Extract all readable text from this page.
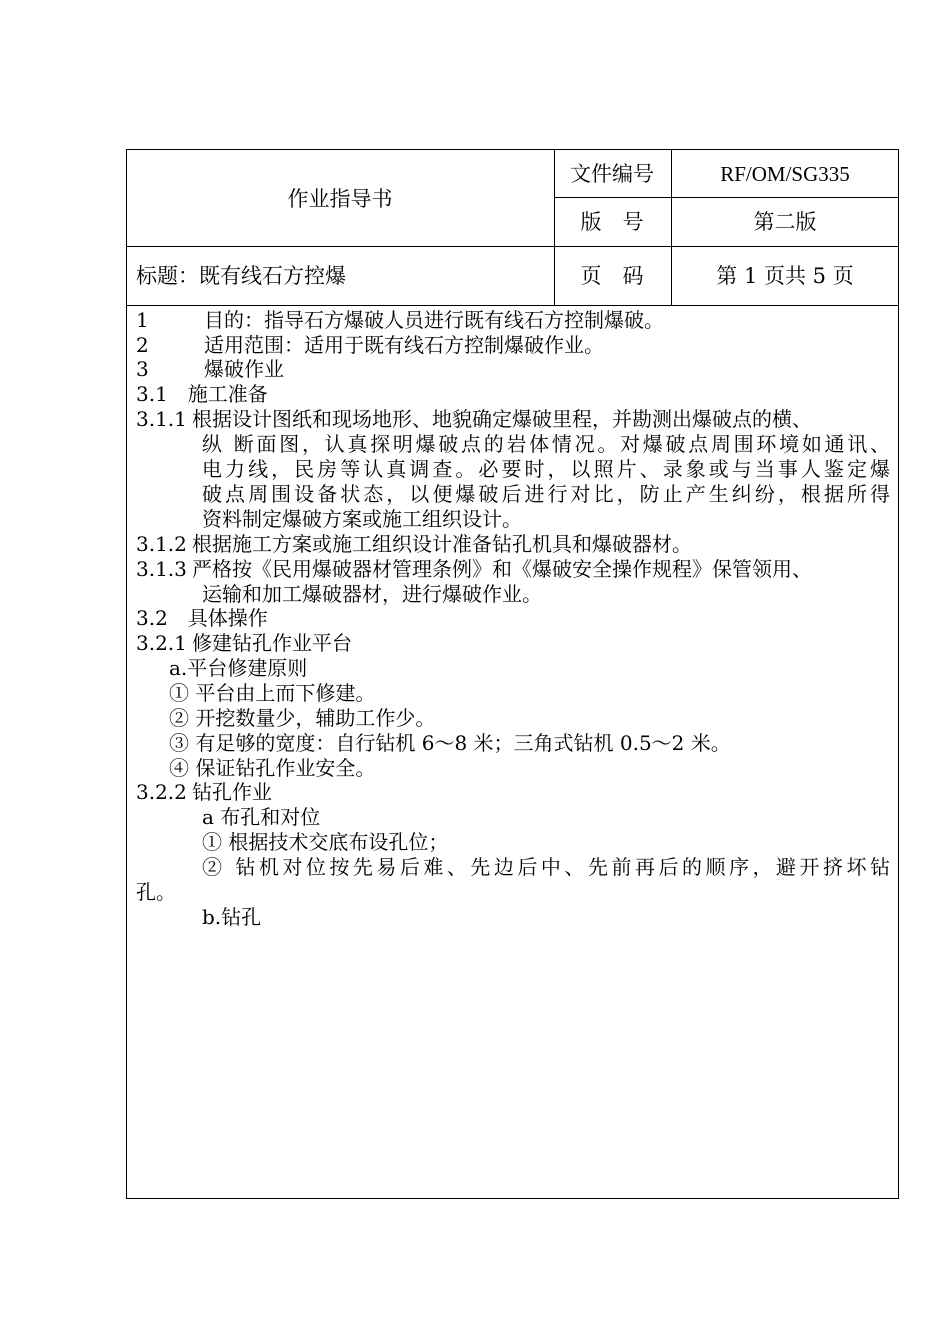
作业指导书
文件编号	RF/OM/SG335
版　号	第二版
标题：既有线石方控爆	页　码	第 1 页共 5 页
1	目的：指导石方爆破人员进行既有线石方控制爆破。
2	适用范围：适用于既有线石方控制爆破作业。
3	爆破作业
3.1　施工准备
3.1.1 根据设计图纸和现场地形、地貌确定爆破里程，并勘测出爆破点的横、
纵 断面图，认真探明爆破点的岩体情况。对爆破点周围环境如通讯、
电力线，民房等认真调查。必要时，以照片、录象或与当事人鉴定爆
破点周围设备状态，以便爆破后进行对比，防止产生纠纷，根据所得
资料制定爆破方案或施工组织设计。
3.1.2 根据施工方案或施工组织设计准备钻孔机具和爆破器材。
3.1.3 严格按《民用爆破器材管理条例》和《爆破安全操作规程》保管领用、
运输和加工爆破器材，进行爆破作业。
3.2　具体操作
3.2.1 修建钻孔作业平台
a.平台修建原则
① 平台由上而下修建。
② 开挖数量少，辅助工作少。
③ 有足够的宽度：自行钻机 6～8 米；三角式钻机 0.5～2 米。
④ 保证钻孔作业安全。
3.2.2 钻孔作业
a 布孔和对位
① 根据技术交底布设孔位；
② 钻机对位按先易后难、先边后中、先前再后的顺序，避开挤坏钻
孔。
b.钻孔
